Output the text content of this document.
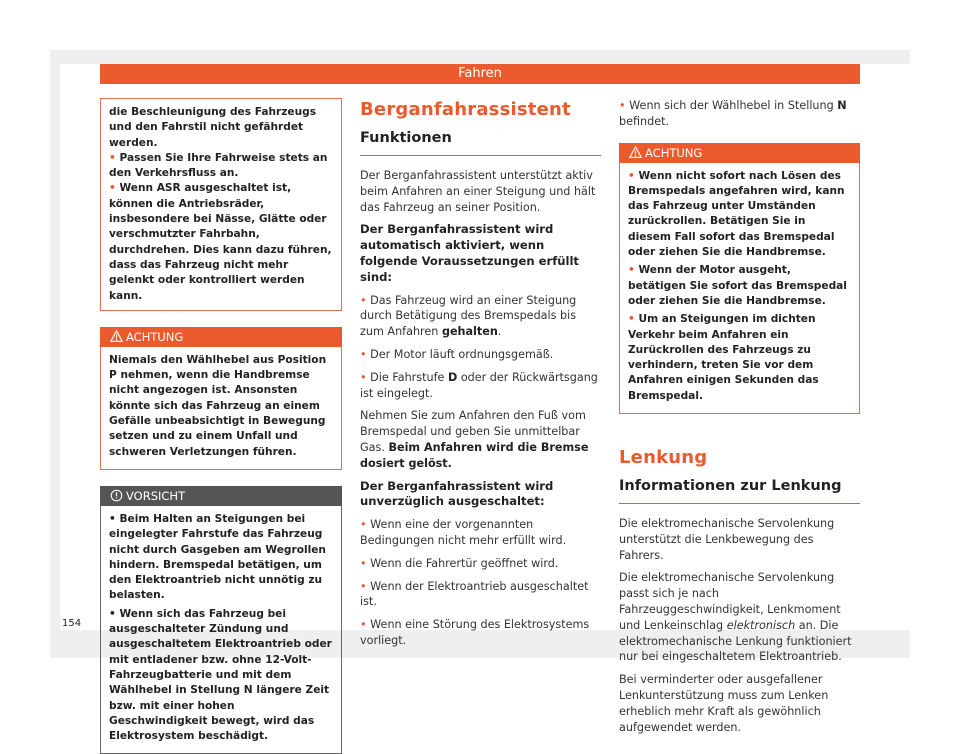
Fahren

die Beschleunigung des Fahrzeugs und den Fahrstil nicht gefährdet werden.

• Passen Sie Ihre Fahrweise stets an den Verkehrsfluss an.

• Wenn ASR ausgeschaltet ist, können die Antriebsräder, insbesondere bei Nässe, Glätte oder verschmutzter Fahrbahn, durchdrehen. Dies kann dazu führen, dass das Fahrzeug nicht mehr gelenkt oder kontrolliert werden kann.

ACHTUNG

Niemals den Wählhebel aus Position P nehmen, wenn die Handbremse nicht angezogen ist. Ansonsten könnte sich das Fahrzeug an einem Gefälle unbeabsichtigt in Bewegung setzen und zu einem Unfall und schweren Verletzungen führen.

VORSICHT

• Beim Halten an Steigungen bei eingelegter Fahrstufe das Fahrzeug nicht durch Gasgeben am Wegrollen hindern. Bremspedal betätigen, um den Elektroantrieb nicht unnötig zu belasten.

• Wenn sich das Fahrzeug bei ausgeschalteter Zündung und ausgeschaltetem Elektroantrieb oder mit entladener bzw. ohne 12-Volt-Fahrzeugbatterie und mit dem Wählhebel in Stellung N längere Zeit bzw. mit einer hohen Geschwindigkeit bewegt, wird das Elektrosystem beschädigt.

Berganfahrassistent
Funktionen

Der Berganfahrassistent unterstützt aktiv beim Anfahren an einer Steigung und hält das Fahrzeug an seiner Position.

Der Berganfahrassistent wird automatisch aktiviert, wenn folgende Voraussetzungen erfüllt sind:

• Das Fahrzeug wird an einer Steigung durch Betätigung des Bremspedals bis zum Anfahren gehalten.

• Der Motor läuft ordnungsgemäß.

• Die Fahrstufe D oder der Rückwärtsgang ist eingelegt.

Nehmen Sie zum Anfahren den Fuß vom Bremspedal und geben Sie unmittelbar Gas. Beim Anfahren wird die Bremse dosiert gelöst.

Der Berganfahrassistent wird unverzüglich ausgeschaltet:

• Wenn eine der vorgenannten Bedingungen nicht mehr erfüllt wird.

• Wenn die Fahrertür geöffnet wird.

• Wenn der Elektroantrieb ausgeschaltet ist.

• Wenn eine Störung des Elektrosystems vorliegt.

• Wenn sich der Wählhebel in Stellung N befindet.

ACHTUNG

• Wenn nicht sofort nach Lösen des Bremspedals angefahren wird, kann das Fahrzeug unter Umständen zurückrollen. Betätigen Sie in diesem Fall sofort das Bremspedal oder ziehen Sie die Handbremse.

• Wenn der Motor ausgeht, betätigen Sie sofort das Bremspedal oder ziehen Sie die Handbremse.

• Um an Steigungen im dichten Verkehr beim Anfahren ein Zurückrollen des Fahrzeugs zu verhindern, treten Sie vor dem Anfahren einigen Sekunden das Bremspedal.

Lenkung
Informationen zur Lenkung

Die elektromechanische Servolenkung unterstützt die Lenkbewegung des Fahrers.

Die elektromechanische Servolenkung passt sich je nach Fahrzeuggeschwindigkeit, Lenkmoment und Lenkeinschlag elektronisch an. Die elektromechanische Lenkung funktioniert nur bei eingeschaltetem Elektroantrieb.

Bei verminderter oder ausgefallener Lenkunterstützung muss zum Lenken erheblich mehr Kraft als gewöhnlich aufgewendet werden.

154
